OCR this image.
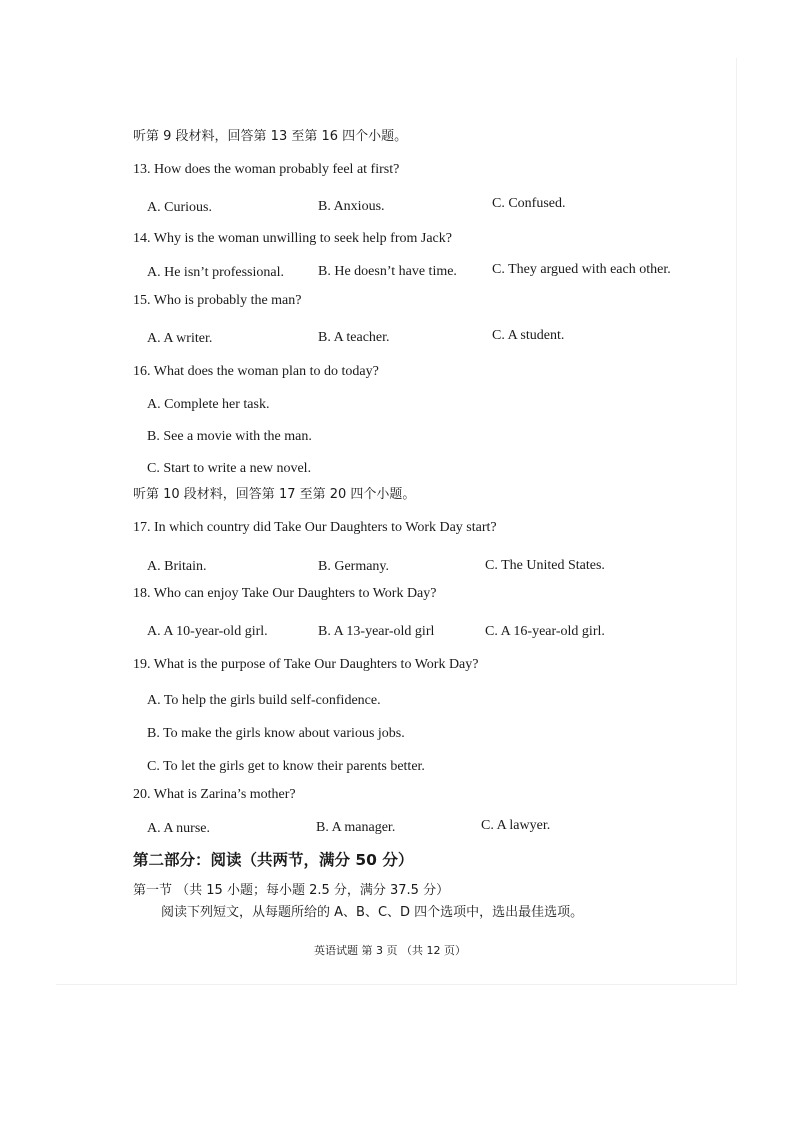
听第 9 段材料，回答第 13 至第 16 四个小题。
13. How does the woman probably feel at first?
A. Curious.	B. Anxious.	C. Confused.
14. Why is the woman unwilling to seek help from Jack?
A. He isn’t professional. B. He doesn’t have time.	C. They argued with each other.
15. Who is probably the man?
A. A writer.	B. A teacher.	C. A student.
16. What does the woman plan to do today?
A. Complete her task.
B. See a movie with the man.
C. Start to write a new novel.
听第 10 段材料，回答第 17 至第 20 四个小题。
17. In which country did Take Our Daughters to Work Day start?
A. Britain.	B. Germany.	C. The United States.
18. Who can enjoy Take Our Daughters to Work Day?
A. A 10-year-old girl.	B. A 13-year-old girl	C. A 16-year-old girl.
19. What is the purpose of Take Our Daughters to Work Day?
A. To help the girls build self-confidence.
B. To make the girls know about various jobs.
C. To let the girls get to know their parents better.
20. What is Zarina’s mother?
A. A nurse.	B. A manager.	C. A lawyer.
第二部分：阅读（共两节，满分 50 分）
第一节 （共 15 小题；每小题 2.5 分，满分 37.5 分）
阅读下列短文，从每题所给的 A、B、C、D 四个选项中，选出最佳选项。
英语试题 第 3 页 （共 12 页）
